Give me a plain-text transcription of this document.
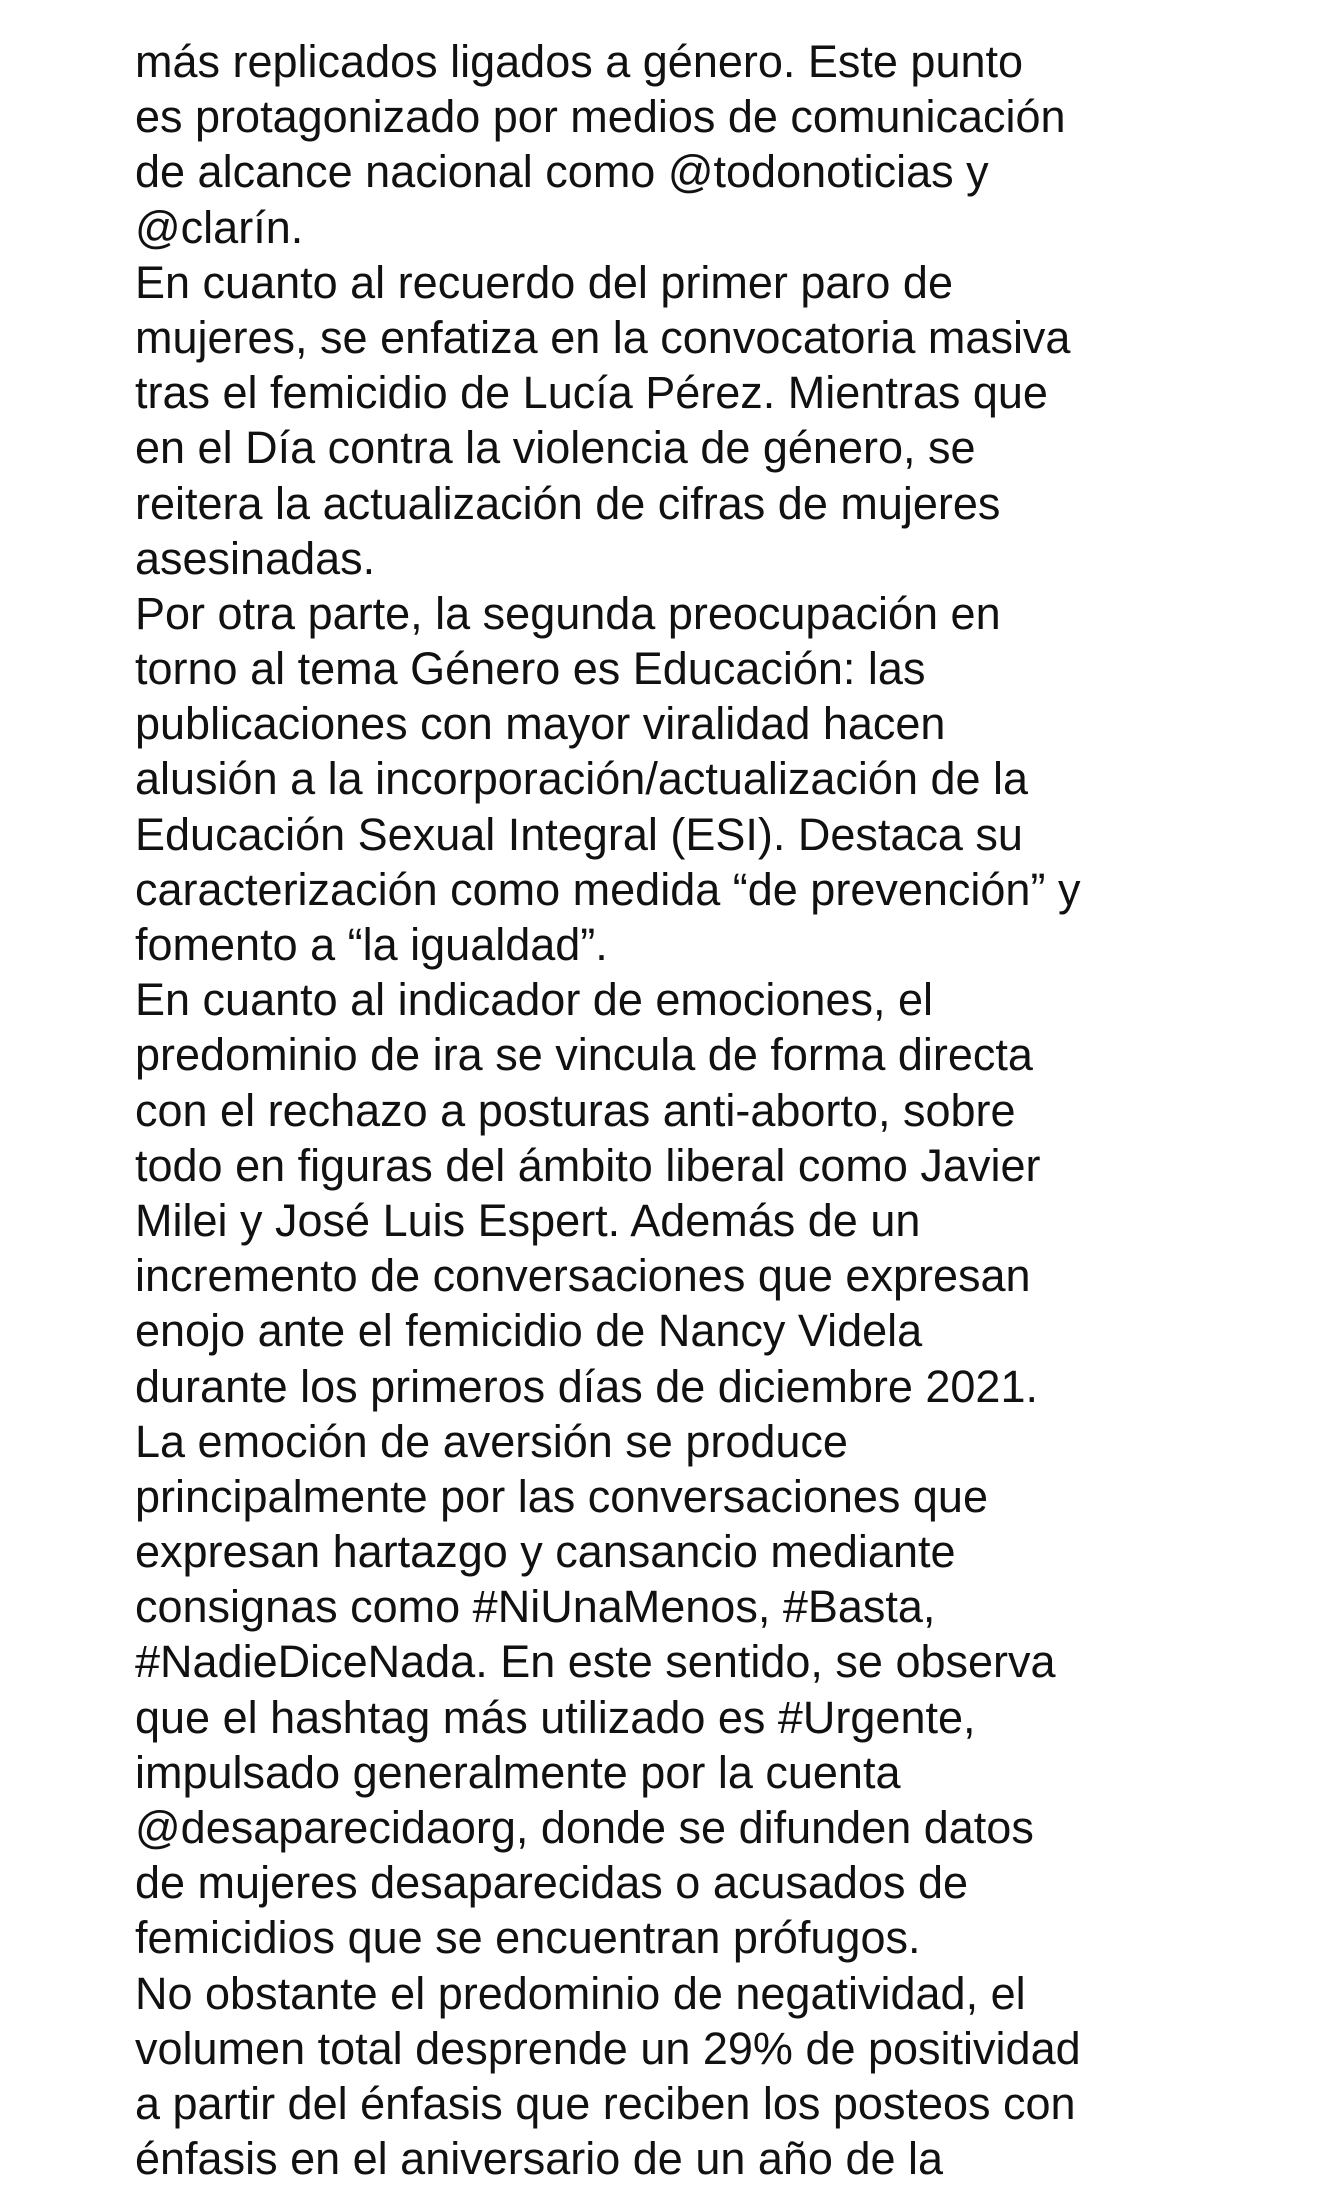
más replicados ligados a género. Este punto
es protagonizado por medios de comunicación
de alcance nacional como @todonoticias y
@clarín.
En cuanto al recuerdo del primer paro de
mujeres, se enfatiza en la convocatoria masiva
tras el femicidio de Lucía Pérez. Mientras que
en el Día contra la violencia de género, se
reitera la actualización de cifras de mujeres
asesinadas.
Por otra parte, la segunda preocupación en
torno al tema Género es Educación: las
publicaciones con mayor viralidad hacen
alusión a la incorporación/actualización de la
Educación Sexual Integral (ESI). Destaca su
caracterización como medida “de prevención” y
fomento a “la igualdad”.
En cuanto al indicador de emociones, el
predominio de ira se vincula de forma directa
con el rechazo a posturas anti-aborto, sobre
todo en figuras del ámbito liberal como Javier
Milei y José Luis Espert. Además de un
incremento de conversaciones que expresan
enojo ante el femicidio de Nancy Videla
durante los primeros días de diciembre 2021.
La emoción de aversión se produce
principalmente por las conversaciones que
expresan hartazgo y cansancio mediante
consignas como #NiUnaMenos, #Basta,
#NadieDiceNada. En este sentido, se observa
que el hashtag más utilizado es #Urgente,
impulsado generalmente por la cuenta
@desaparecidaorg, donde se difunden datos
de mujeres desaparecidas o acusados de
femicidios que se encuentran prófugos.
No obstante el predominio de negatividad, el
volumen total desprende un 29% de positividad
a partir del énfasis que reciben los posteos con
énfasis en el aniversario de un año de la
